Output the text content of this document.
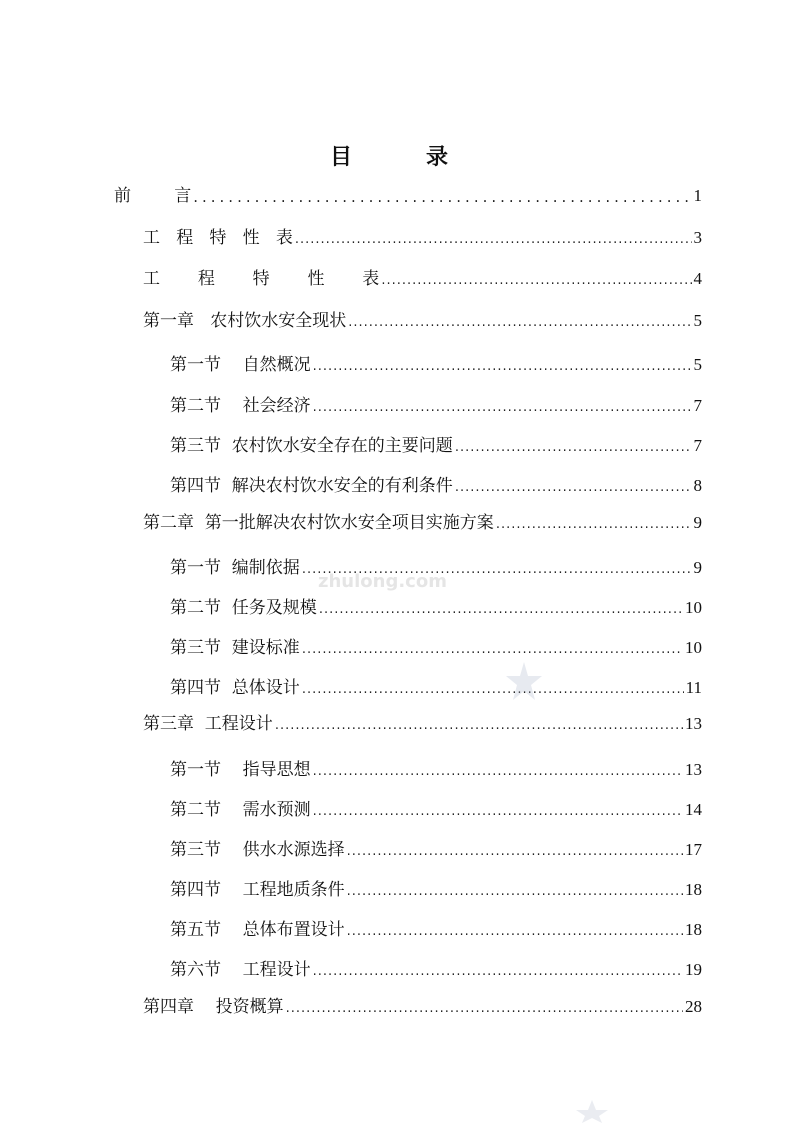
目	录
前        言 .....	1
工   程   特   性   表 .....	3
工       程       特       性       表 .....	4
第一章   农村饮水安全现状 .....	5
第一节    自然概况 .....	5
第二节    社会经济 .....	7
第三节  农村饮水安全存在的主要问题 .....	7
第四节  解决农村饮水安全的有利条件 .....	8
第二章  第一批解决农村饮水安全项目实施方案 .....	9
第一节  编制依据 .....	9
第二节  任务及规模 .....	10
第三节  建设标准 .....	10
第四节  总体设计 .....	11
第三章  工程设计 .....	13
第一节    指导思想 .....	13
第二节    需水预测 .....	14
第三节    供水水源选择 .....	17
第四节    工程地质条件 .....	18
第五节    总体布置设计 .....	18
第六节    工程设计 .....	19
第四章    投资概算 .....	28
zhulong.com
